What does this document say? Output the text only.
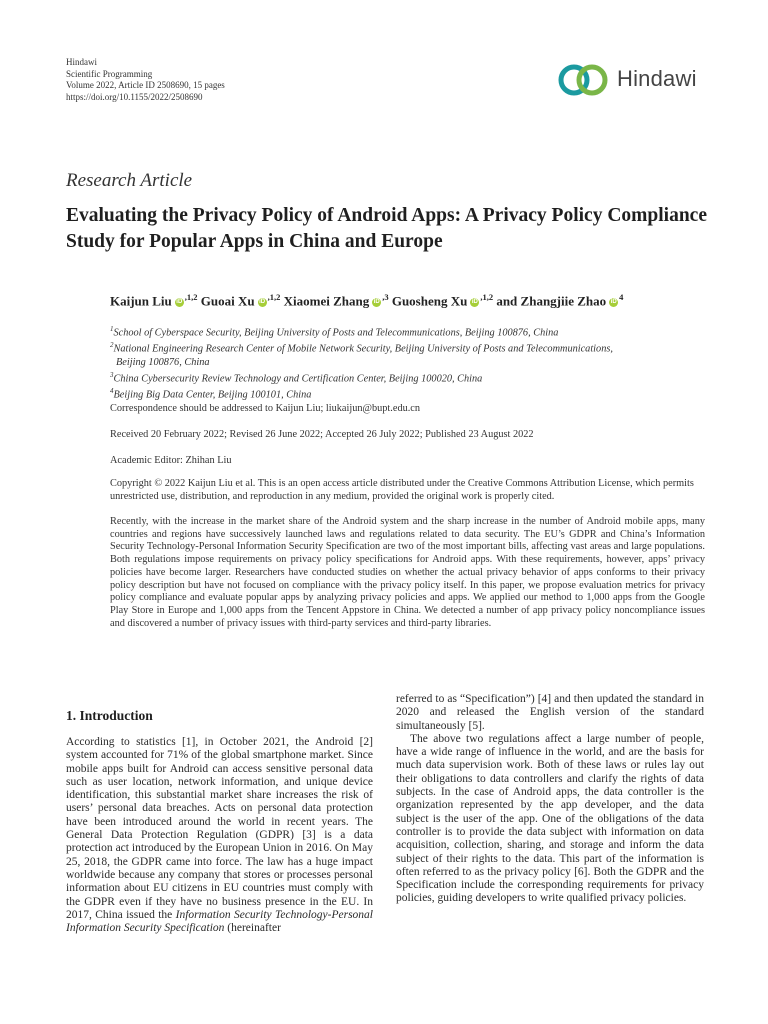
Hindawi
Scientific Programming
Volume 2022, Article ID 2508690, 15 pages
https://doi.org/10.1155/2022/2508690
Hindawi
Research Article
Evaluating the Privacy Policy of Android Apps: A Privacy Policy Compliance Study for Popular Apps in China and Europe
Kaijun Liu iD $^{,1,2}$ Guoai Xu iD $^{,1,2}$ Xiaomei Zhang iD $^{,3}$ Guosheng Xu iD $^{,1,2}$ and Zhangjiie Zhao iD $^4$
$^1$School of Cyberspace Security, Beijing University of Posts and Telecommunications, Beijing 100876, China
$^2$National Engineering Research Center of Mobile Network Security, Beijing University of Posts and Telecommunications,
Beijing 100876, China
$^3$China Cybersecurity Review Technology and Certification Center, Beijing 100020, China
$^4$Beijing Big Data Center, Beijing 100101, China
Correspondence should be addressed to Kaijun Liu; liukaijun@bupt.edu.cn
Received 20 February 2022; Revised 26 June 2022; Accepted 26 July 2022; Published 23 August 2022
Academic Editor: Zhihan Liu
Copyright © 2022 Kaijun Liu et al. This is an open access article distributed under the Creative Commons Attribution License, which permits unrestricted use, distribution, and reproduction in any medium, provided the original work is properly cited.
Recently, with the increase in the market share of the Android system and the sharp increase in the number of Android mobile apps, many countries and regions have successively launched laws and regulations related to data security. The EU’s GDPR and China’s Information Security Technology-Personal Information Security Specification are two of the most important bills, affecting vast areas and large populations. Both regulations impose requirements on privacy policy specifications for Android apps. With these requirements, however, apps’ privacy policies have become larger. Researchers have conducted studies on whether the actual privacy behavior of apps conforms to their privacy policy description but have not focused on compliance with the privacy policy itself. In this paper, we propose evaluation metrics for privacy policy compliance and evaluate popular apps by analyzing privacy policies and apps. We applied our method to 1,000 apps from the Google Play Store in Europe and 1,000 apps from the Tencent Appstore in China. We detected a number of app privacy policy noncompliance issues and discovered a number of privacy issues with third-party services and third-party libraries.
1. Introduction

According to statistics [1], in October 2021, the Android [2] system accounted for 71% of the global smartphone market. Since mobile apps built for Android can access sensitive personal data such as user location, network information, and unique device identification, this substantial market share increases the risk of users’ personal data breaches. Acts on personal data protection have been introduced around the world in recent years. The General Data Protection Regulation (GDPR) [3] is a data protection act introduced by the European Union in 2016. On May 25, 2018, the GDPR came into force. The law has a huge impact worldwide because any company that stores or processes personal information about EU citizens in EU countries must comply with the GDPR even if they have no business presence in the EU. In 2017, China issued the Information Security Technology-Personal Information Security Specification (hereinafter

referred to as “Specification”) [4] and then updated the standard in 2020 and released the English version of the standard simultaneously [5].

The above two regulations affect a large number of people, have a wide range of influence in the world, and are the basis for much data supervision work. Both of these laws or rules lay out their obligations to data controllers and clarify the rights of data subjects. In the case of Android apps, the data controller is the organization represented by the app developer, and the data subject is the user of the app. One of the obligations of the data controller is to provide the data subject with information on data acquisition, collection, sharing, and storage and inform the data subject of their rights to the data. This part of the information is often referred to as the privacy policy [6]. Both the GDPR and the Specification include the corresponding requirements for privacy policies, guiding developers to write qualified privacy policies.
